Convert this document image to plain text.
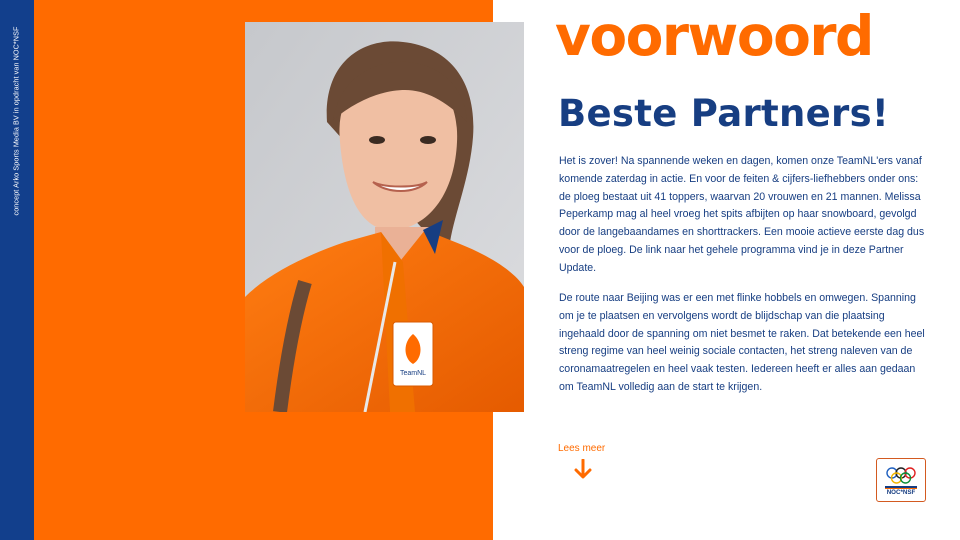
concept Arko Sports Media BV in opdracht van NOC*NSF
TeamNL
voorwoord
Beste Partners!
Het is zover! Na spannende weken en dagen, komen onze TeamNL'ers vanaf komende zaterdag in actie. En voor de feiten & cijfers-liefhebbers onder ons: de ploeg bestaat uit 41 toppers, waarvan 20 vrouwen en 21 mannen. Melissa Peperkamp mag al heel vroeg het spits afbijten op haar snowboard, gevolgd door de langebaandames en shorttrackers. Een mooie actieve eerste dag dus voor de ploeg. De link naar het gehele programma vind je in deze Partner Update.
De route naar Beijing was er een met flinke hobbels en omwegen. Spanning om je te plaatsen en vervolgens wordt de blijdschap van die plaatsing ingehaald door de spanning om niet besmet te raken. Dat betekende een heel streng regime van heel weinig sociale contacten, het streng naleven van de coronamaatregelen en heel vaak testen. Iedereen heeft er alles aan gedaan om TeamNL volledig aan de start te krijgen.
Lees meer
NOC*NSF
